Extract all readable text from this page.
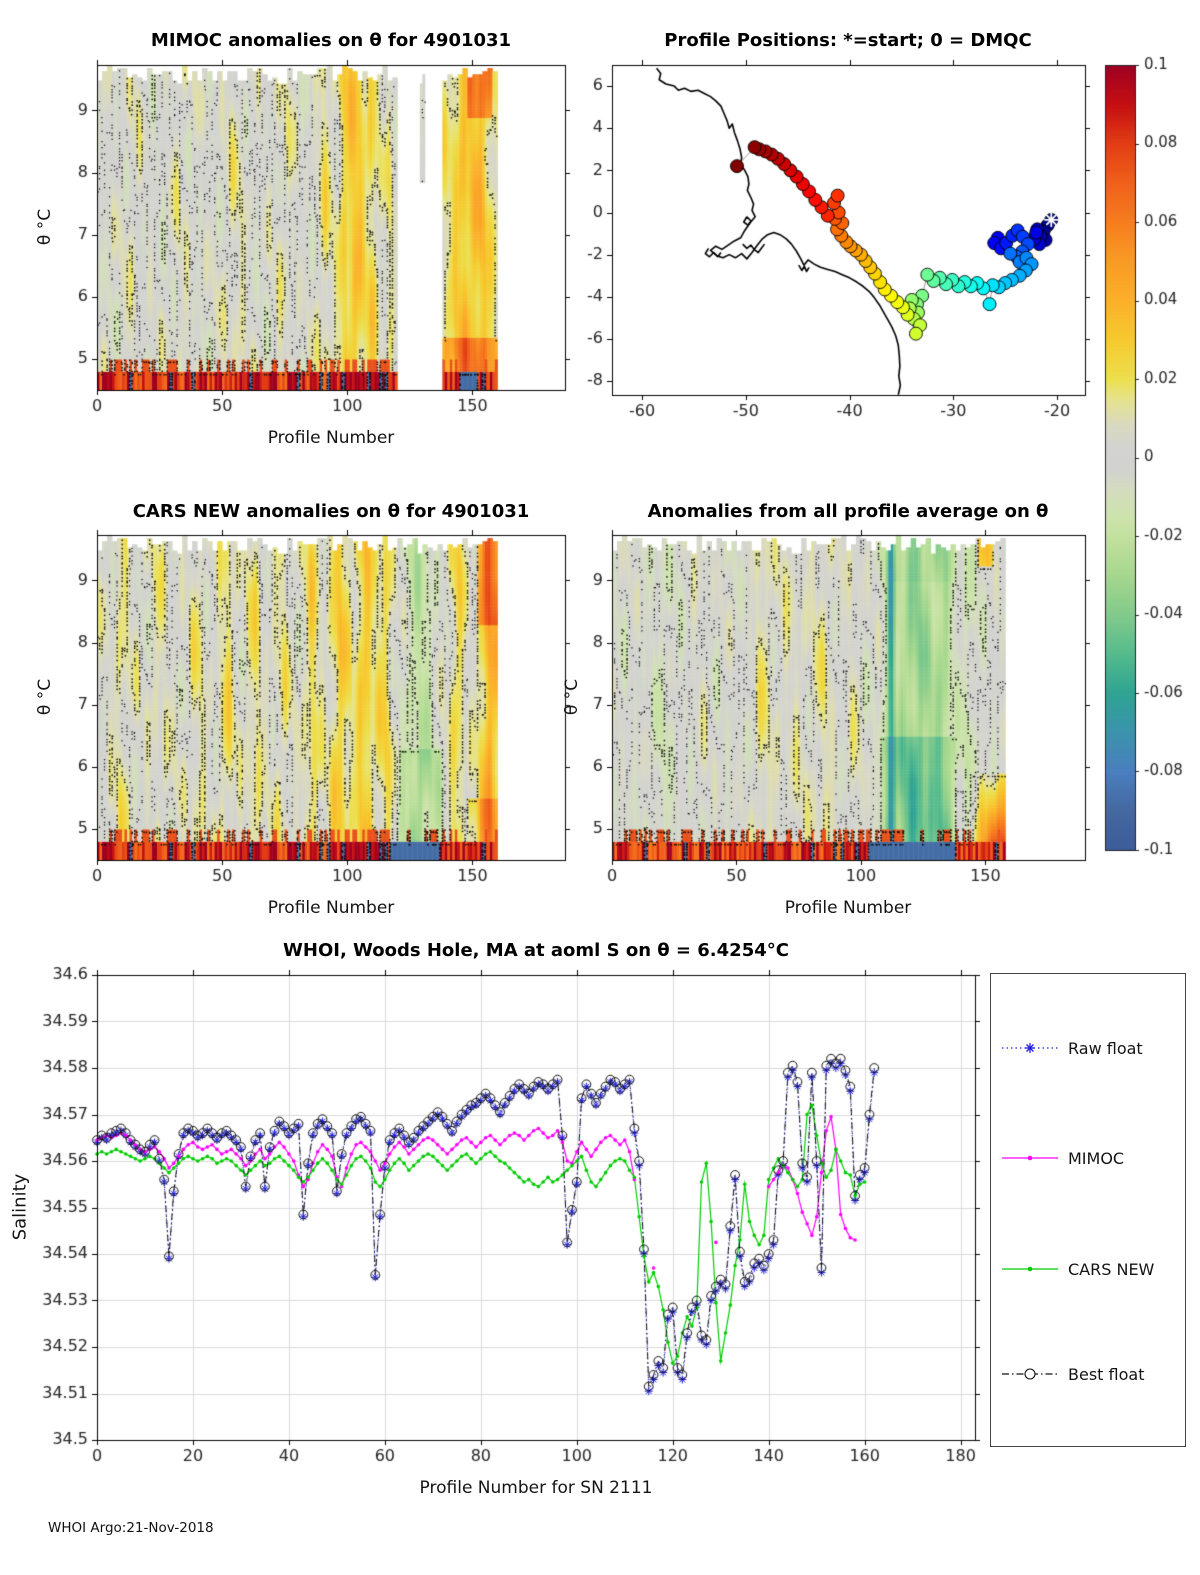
MIMOC anomalies on θ for 4901031	Profile Positions: *=start; 0 = DMQC
CARS NEW anomalies on θ for 4901031	Anomalies from all profile average on θ
WHOI, Woods Hole, MA at aoml S on θ = 6.4254°C
Profile Number
Profile Number	Profile Number
Profile Number for SN 2111
θ °C
θ °C	θ °C
Salinity
Raw float
MIMOC
CARS NEW
Best float
WHOI Argo:21-Nov-2018
